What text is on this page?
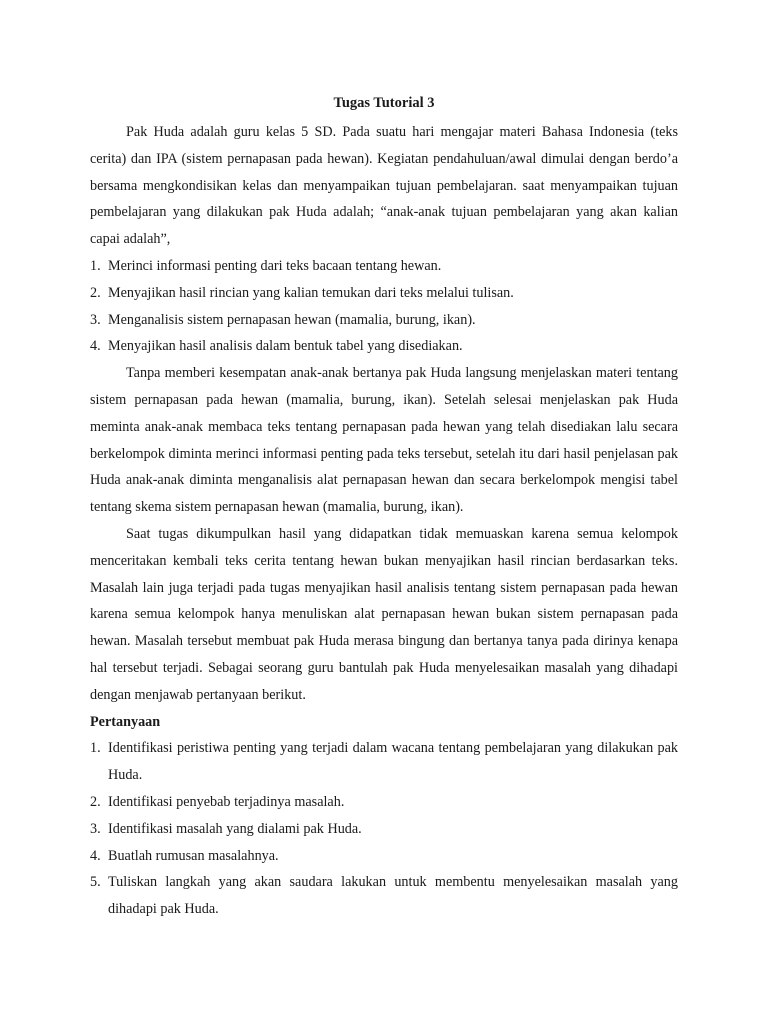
Tugas Tutorial 3

Pak Huda adalah guru kelas 5 SD. Pada suatu hari mengajar materi Bahasa Indonesia (teks cerita) dan IPA (sistem pernapasan pada hewan). Kegiatan pendahuluan/awal dimulai dengan berdo’a bersama mengkondisikan kelas dan menyampaikan tujuan pembelajaran. saat menyampaikan tujuan pembelajaran yang dilakukan pak Huda adalah; “anak-anak tujuan pembelajaran yang akan kalian capai adalah”,

1. Merinci informasi penting dari teks bacaan tentang hewan.
2. Menyajikan hasil rincian yang kalian temukan dari teks melalui tulisan.
3. Menganalisis sistem pernapasan hewan (mamalia, burung, ikan).
4. Menyajikan hasil analisis dalam bentuk tabel yang disediakan.

Tanpa memberi kesempatan anak-anak bertanya pak Huda langsung menjelaskan materi tentang sistem pernapasan pada hewan (mamalia, burung, ikan). Setelah selesai menjelaskan pak Huda meminta anak-anak membaca teks tentang pernapasan pada hewan yang telah disediakan lalu secara berkelompok diminta merinci informasi penting pada teks tersebut, setelah itu dari hasil penjelasan pak Huda anak-anak diminta menganalisis alat pernapasan hewan dan secara berkelompok mengisi tabel tentang skema sistem pernapasan hewan (mamalia, burung, ikan).

Saat tugas dikumpulkan hasil yang didapatkan tidak memuaskan karena semua kelompok menceritakan kembali teks cerita tentang hewan bukan menyajikan hasil rincian berdasarkan teks. Masalah lain juga terjadi pada tugas menyajikan hasil analisis tentang sistem pernapasan pada hewan karena semua kelompok hanya menuliskan alat pernapasan hewan bukan sistem pernapasan pada hewan. Masalah tersebut membuat pak Huda merasa bingung dan bertanya tanya pada dirinya kenapa hal tersebut terjadi. Sebagai seorang guru bantulah pak Huda menyelesaikan masalah yang dihadapi dengan menjawab pertanyaan berikut.

Pertanyaan
1. Identifikasi peristiwa penting yang terjadi dalam wacana tentang pembelajaran yang dilakukan pak Huda.
2. Identifikasi penyebab terjadinya masalah.
3. Identifikasi masalah yang dialami pak Huda.
4. Buatlah rumusan masalahnya.
5. Tuliskan langkah yang akan saudara lakukan untuk membentu menyelesaikan masalah yang dihadapi pak Huda.
